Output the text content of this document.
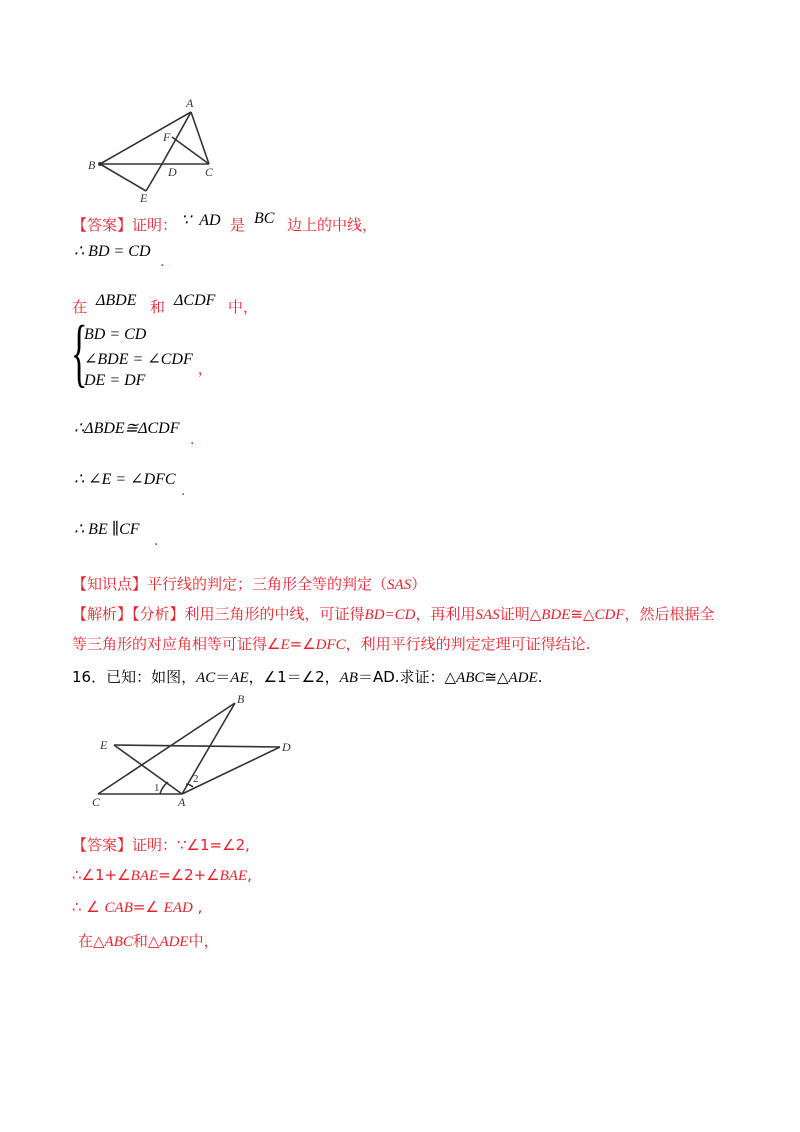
A
B	C
D
E
F
【答案】证明： ∵ AD 是 BC 边上的中线，
∴ BD = CD
.
在 ΔBDE 和 ΔCDF 中，
{
BD = CD
∠BDE = ∠CDF
DE = DF
，
∴ΔBDE≅ΔCDF
.
∴ ∠E = ∠DFC
.
∴ BE ∥CF
.
【知识点】平行线的判定；三角形全等的判定（SAS）
【解析】【分析】利用三角形的中线，可证得BD=CD，再利用SAS证明△BDE≅△CDF，然后根据全
等三角形的对应角相等可证得∠E=∠DFC，利用平行线的判定定理可证得结论.
16．已知：如图，AC＝AE，∠1＝∠2，AB＝AD.求证：△ABC≅△ADE.
B
E	D
C	A
1
2
【答案】证明：∵∠1=∠2,
∴∠1+∠BAE=∠2+∠BAE,
∴ ∠ CAB=∠ EAD ,
在△ABC和△ADE中，
